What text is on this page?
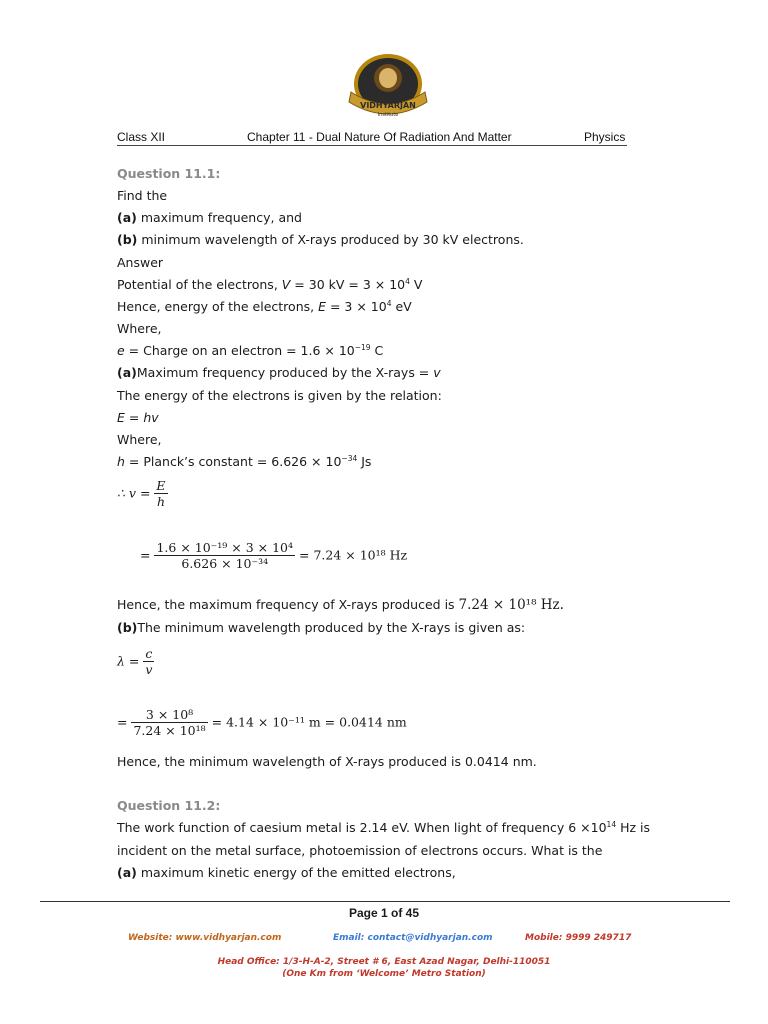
VIDHYARJAN
Institute
Class XII	Chapter 11 - Dual Nature Of Radiation And Matter	Physics
Question 11.1:
Find the
(a) maximum frequency, and
(b) minimum wavelength of X-rays produced by 30 kV electrons.
Answer
Potential of the electrons, V = 30 kV = $3 \times 10^4$ V
Hence, energy of the electrons, $E = 3 \times 10^4$ eV
Where,
e = Charge on an electron = $1.6 \times 10^{-19}$ C
(a)Maximum frequency produced by the X-rays = v
The energy of the electrons is given by the relation:
E = hv
Where,
h = Planck’s constant = $6.626 \times 10^{-34}$ Js
∴ $v = \frac{E}{h}$
= $\frac{\text{1.6 × 10⁻¹⁹ × 3 × 10⁴}}{\text{6.626 × 10⁻³⁴}} = 7.24 \times 10^{18}$ Hz
Hence, the maximum frequency of X-rays produced is 7.24 × 10¹⁸ Hz.
(b)The minimum wavelength produced by the X-rays is given as:
$\lambda = \frac{c}{v}$
= $\frac{\text{3 × 10⁸}}{\text{7.24 × 10¹⁸}} = 4.14 \times 10^{-11}$ m = 0.0414 nm
Hence, the minimum wavelength of X-rays produced is 0.0414 nm.
Question 11.2:
The work function of caesium metal is 2.14 eV. When light of frequency $6 \times 10^{14}$ Hz is
incident on the metal surface, photoemission of electrons occurs. What is the
(a) maximum kinetic energy of the emitted electrons,
Page 1 of 45
Website: www.vidhyarjan.com	Email: contact@vidhyarjan.com	Mobile: 9999 249717
Head Office: 1/3-H-A-2, Street # 6, East Azad Nagar, Delhi-110051
(One Km from ‘Welcome’ Metro Station)
